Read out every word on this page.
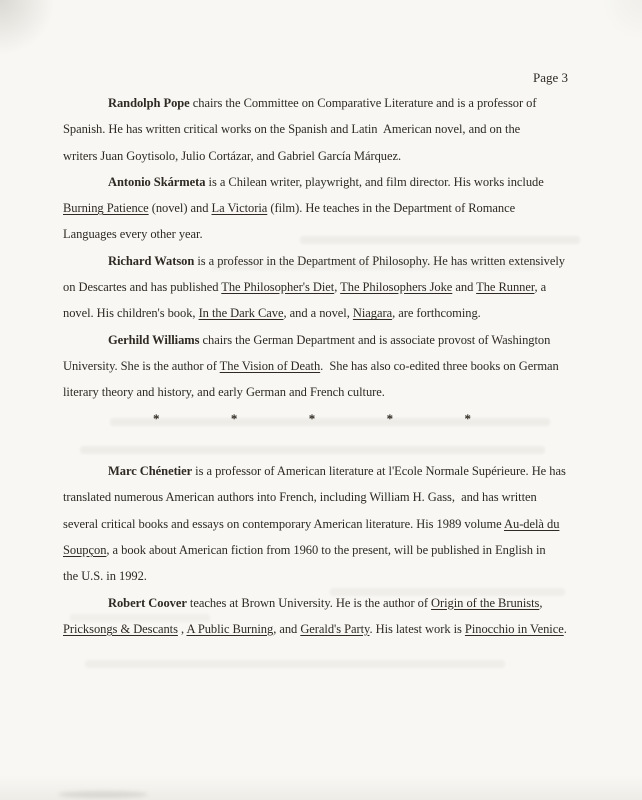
Page 3
Randolph Pope chairs the Committee on Comparative Literature and is a professor of
Spanish. He has written critical works on the Spanish and Latin  American novel, and on the
writers Juan Goytisolo, Julio Cortázar, and Gabriel García Márquez.
Antonio Skármeta is a Chilean writer, playwright, and film director. His works include
Burning Patience (novel) and La Victoria (film). He teaches in the Department of Romance
Languages every other year.
Richard Watson is a professor in the Department of Philosophy. He has written extensively
on Descartes and has published The Philosopher's Diet, The Philosophers Joke and The Runner, a
novel. His children's book, In the Dark Cave, and a novel, Niagara, are forthcoming.
Gerhild Williams chairs the German Department and is associate provost of Washington
University. She is the author of The Vision of Death.  She has also co-edited three books on German
literary theory and history, and early German and French culture.
*	*	*	*	*
Marc Chénetier is a professor of American literature at l'Ecole Normale Supérieure. He has
translated numerous American authors into French, including William H. Gass,  and has written
several critical books and essays on contemporary American literature. His 1989 volume Au-delà du
Soupçon, a book about American fiction from 1960 to the present, will be published in English in
the U.S. in 1992.
Robert Coover teaches at Brown University. He is the author of Origin of the Brunists,
Pricksongs & Descants , A Public Burning, and Gerald's Party. His latest work is Pinocchio in Venice.
